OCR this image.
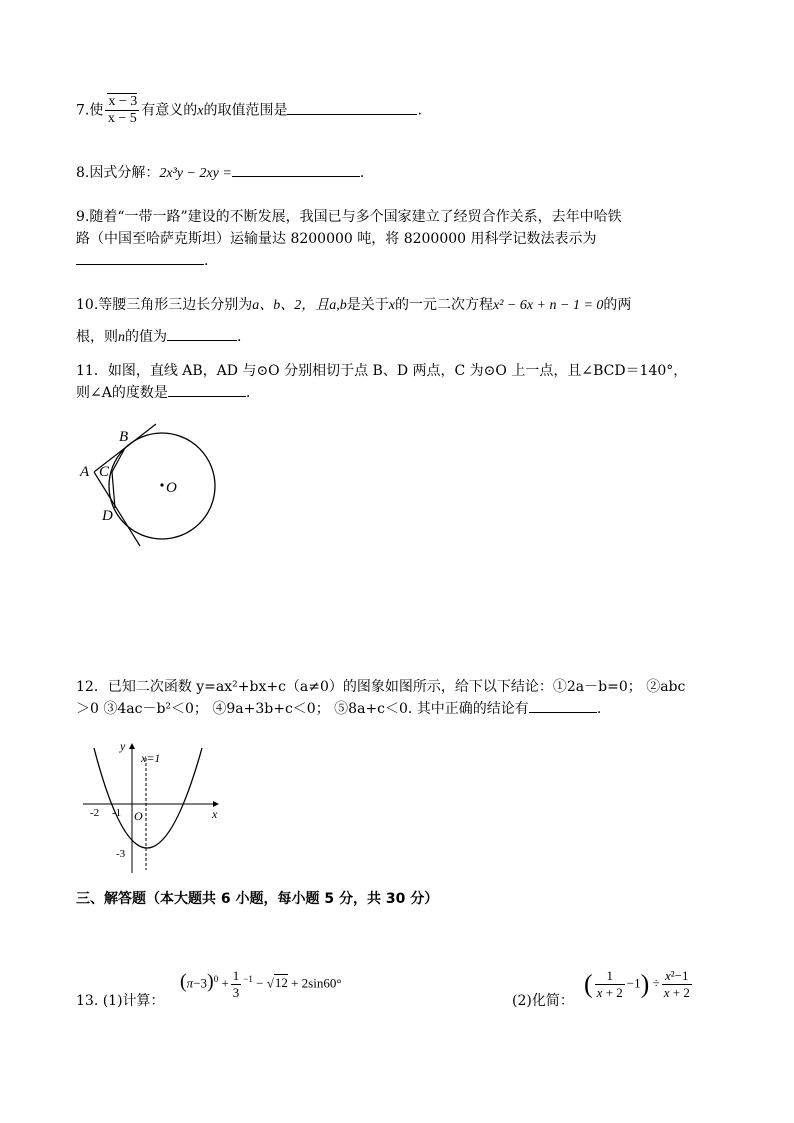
7.使 $\frac{x - 3}{x - 5}$ 有意义的x的取值范围是	.
8.因式分解：2x³y − 2xy =	.
9.随着“一带一路”建设的不断发展，我国已与多个国家建立了经贸合作关系，去年中哈铁
路（中国至哈萨克斯坦）运输量达 8200000 吨，将 8200000 用科学记数法表示为
.
10.等腰三角形三边长分别为a、b、2，且a,b是关于x的一元二次方程x² − 6x + n − 1 = 0的两
根，则n的值为	.
11．如图，直线 AB，AD 与⊙O 分别相切于点 B、D 两点，C 为⊙O 上一点，且∠BCD＝140°，
则∠A的度数是	.
B
A C
D
O
12．已知二次函数 y=ax²+bx+c（a≠0）的图象如图所示，给下以下结论：①2a－b=0； ②abc
＞0 ③4ac－b²＜0； ④9a+3b+c＜0； ⑤8a+c＜0. 其中正确的结论有	.
y
x
x=1
O
-2 -1
-3
三、解答题（本大题共 6 小题，每小题 5 分，共 30 分）
13. (1)计算：
$(\pi-3)^0 + \frac{1}{3} ^{-1} - √12 + 2\sin 60^\circ$
(2)化简：
( $\frac{1}{x + 2} -1) \div \frac{\text{x²−1}}{x + 2}$
